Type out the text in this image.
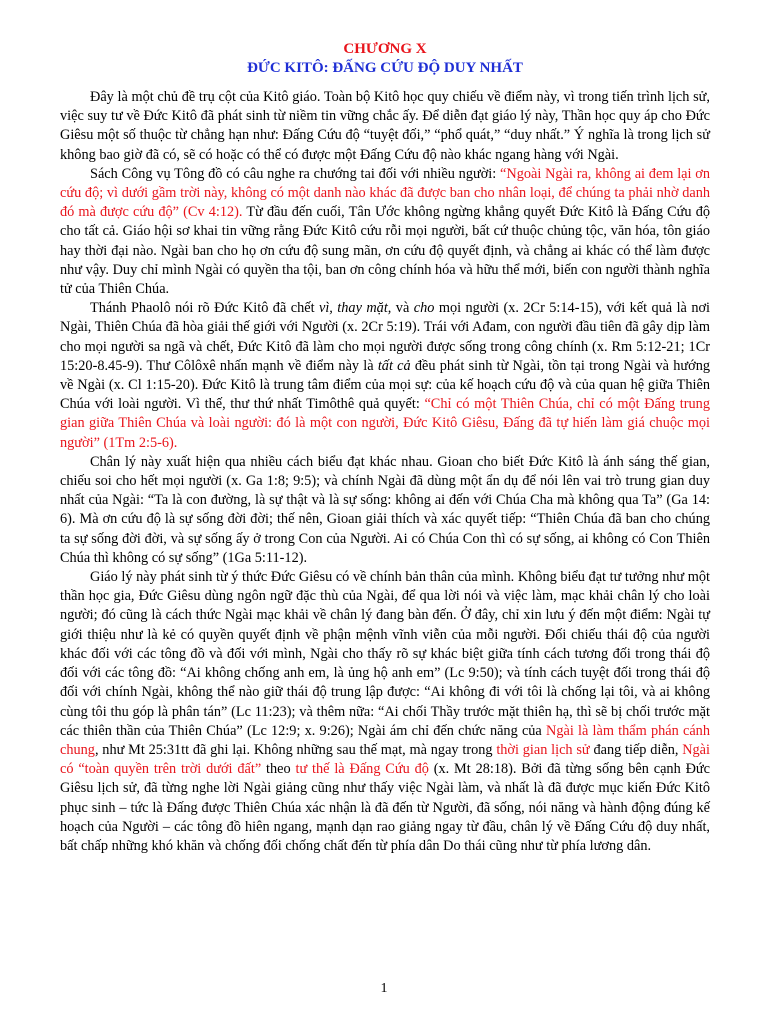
CHƯƠNG X
ĐỨC KITÔ: ĐẤNG CỨU ĐỘ DUY NHẤT

Đây là một chủ đề trụ cột của Kitô giáo. Toàn bộ Kitô học quy chiếu về điểm này, vì trong tiến trình lịch sử, việc suy tư về Đức Kitô đã phát sinh từ niềm tin vững chắc ấy. Để diễn đạt giáo lý này, Thần học quy áp cho Đức Giêsu một số thuộc từ chẳng hạn như: Đấng Cứu độ “tuyệt đối,” “phổ quát,” “duy nhất.” Ý nghĩa là trong lịch sử không bao giờ đã có, sẽ có hoặc có thể có được một Đấng Cứu độ nào khác ngang hàng với Ngài.

Sách Công vụ Tông đồ có câu nghe ra chướng tai đối với nhiều người: “Ngoài Ngài ra, không ai đem lại ơn cứu độ; vì dưới gầm trời này, không có một danh nào khác đã được ban cho nhân loại, để chúng ta phải nhờ danh đó mà được cứu độ” (Cv 4:12). Từ đầu đến cuối, Tân Ước không ngừng khẳng quyết Đức Kitô là Đấng Cứu độ cho tất cả. Giáo hội sơ khai tin vững rằng Đức Kitô cứu rỗi mọi người, bất cứ thuộc chủng tộc, văn hóa, tôn giáo hay thời đại nào. Ngài ban cho họ ơn cứu độ sung mãn, ơn cứu độ quyết định, và chẳng ai khác có thể làm được như vậy. Duy chỉ mình Ngài có quyền tha tội, ban ơn công chính hóa và hữu thể mới, biến con người thành nghĩa tử của Thiên Chúa.

Thánh Phaolô nói rõ Đức Kitô đã chết vì, thay mặt, và cho mọi người (x. 2Cr 5:14-15), với kết quả là nơi Ngài, Thiên Chúa đã hòa giải thế giới với Người (x. 2Cr 5:19). Trái với Ađam, con người đầu tiên đã gây dịp làm cho mọi người sa ngã và chết, Đức Kitô đã làm cho mọi người được sống trong công chính (x. Rm 5:12-21; 1Cr 15:20-8.45-9). Thư Côlôxê nhấn mạnh về điểm này là tất cả đều phát sinh từ Ngài, tồn tại trong Ngài và hướng về Ngài (x. Cl 1:15-20). Đức Kitô là trung tâm điểm của mọi sự: của kế hoạch cứu độ và của quan hệ giữa Thiên Chúa với loài người. Vì thế, thư thứ nhất Timôthê quả quyết: “Chỉ có một Thiên Chúa, chỉ có một Đấng trung gian giữa Thiên Chúa và loài người: đó là một con người, Đức Kitô Giêsu, Đấng đã tự hiến làm giá chuộc mọi người” (1Tm 2:5-6).

Chân lý này xuất hiện qua nhiều cách biểu đạt khác nhau. Gioan cho biết Đức Kitô là ánh sáng thế gian, chiếu soi cho hết mọi người (x. Ga 1:8; 9:5); và chính Ngài đã dùng một ẩn dụ để nói lên vai trò trung gian duy nhất của Ngài: “Ta là con đường, là sự thật và là sự sống: không ai đến với Chúa Cha mà không qua Ta” (Ga 14: 6). Mà ơn cứu độ là sự sống đời đời; thế nên, Gioan giải thích và xác quyết tiếp: “Thiên Chúa đã ban cho chúng ta sự sống đời đời, và sự sống ấy ở trong Con của Người. Ai có Chúa Con thì có sự sống, ai không có Con Thiên Chúa thì không có sự sống” (1Ga 5:11-12).

Giáo lý này phát sinh từ ý thức Đức Giêsu có về chính bản thân của mình. Không biểu đạt tư tưởng như một thần học gia, Đức Giêsu dùng ngôn ngữ đặc thù của Ngài, để qua lời nói và việc làm, mạc khải chân lý cho loài người; đó cũng là cách thức Ngài mạc khải về chân lý đang bàn đến. Ở đây, chỉ xin lưu ý đến một điểm: Ngài tự giới thiệu như là kẻ có quyền quyết định về phận mệnh vĩnh viễn của mỗi người. Đối chiếu thái độ của người khác đối với các tông đồ và đối với mình, Ngài cho thấy rõ sự khác biệt giữa tính cách tương đối trong thái độ đối với các tông đồ: “Ai không chống anh em, là ủng hộ anh em” (Lc 9:50); và tính cách tuyệt đối trong thái độ đối với chính Ngài, không thể nào giữ thái độ trung lập được: “Ai không đi với tôi là chống lại tôi, và ai không cùng tôi thu góp là phân tán” (Lc 11:23); và thêm nữa: “Ai chối Thầy trước mặt thiên hạ, thì sẽ bị chối trước mặt các thiên thần của Thiên Chúa” (Lc 12:9; x. 9:26); Ngài ám chỉ đến chức năng của Ngài là làm thẩm phán cánh chung, như Mt 25:31tt đã ghi lại. Không những sau thế mạt, mà ngay trong thời gian lịch sử đang tiếp diễn, Ngài có “toàn quyền trên trời dưới đất” theo tư thế là Đấng Cứu độ (x. Mt 28:18). Bởi đã từng sống bên cạnh Đức Giêsu lịch sử, đã từng nghe lời Ngài giảng cũng như thấy việc Ngài làm, và nhất là đã được mục kiến Đức Kitô phục sinh – tức là Đấng được Thiên Chúa xác nhận là đã đến từ Người, đã sống, nói năng và hành động đúng kế hoạch của Người – các tông đồ hiên ngang, mạnh dạn rao giảng ngay từ đầu, chân lý về Đấng Cứu độ duy nhất, bất chấp những khó khăn và chống đối chống chất đến từ phía dân Do thái cũng như từ phía lương dân.

1
